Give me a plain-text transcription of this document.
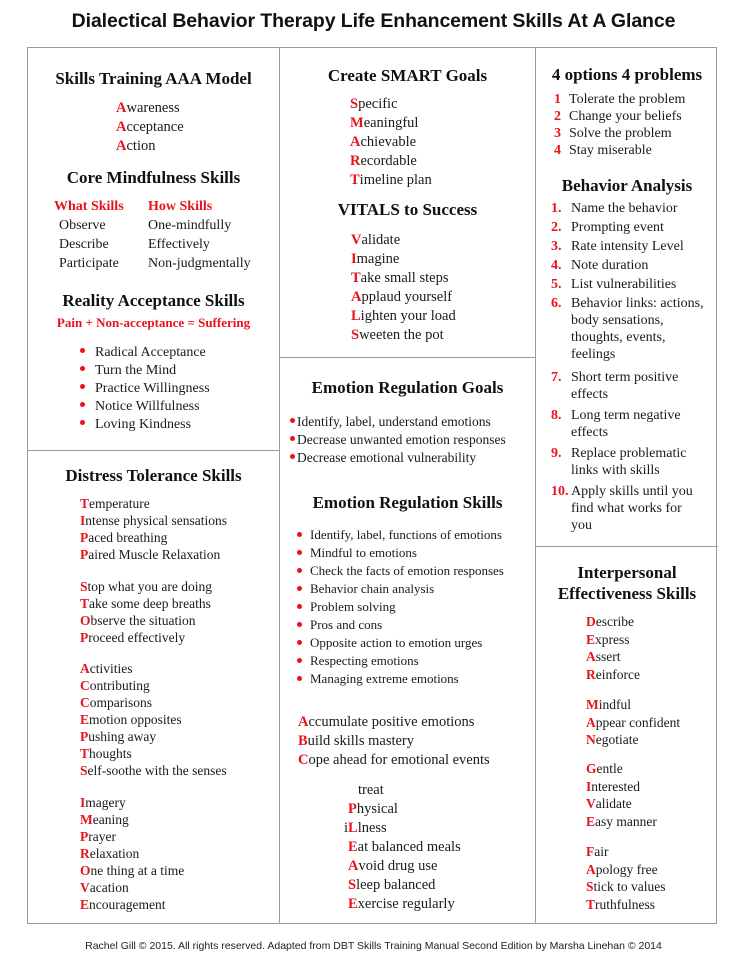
Dialectical Behavior Therapy Life Enhancement Skills At A Glance
Skills Training AAA Model
Awareness
Acceptance
Action
Core Mindfulness Skills
What Skills
Observe
Describe
Participate
How Skills
One-mindfully
Effectively
Non-judgmentally
Reality Acceptance Skills
Pain + Non-acceptance = Suffering
Radical Acceptance
Turn the Mind
Practice Willingness
Notice Willfulness
Loving Kindness
Distress Tolerance Skills
Temperature
Intense physical sensations
Paced breathing
Paired Muscle Relaxation
Stop what you are doing
Take some deep breaths
Observe the situation
Proceed effectively
Activities
Contributing
Comparisons
Emotion opposites
Pushing away
Thoughts
Self-soothe with the senses
Imagery
Meaning
Prayer
Relaxation
One thing at a time
Vacation
Encouragement
Create SMART Goals
Specific
Meaningful
Achievable
Recordable
Timeline plan
VITALS to Success
Validate
Imagine
Take small steps
Applaud yourself
Lighten your load
Sweeten the pot
Emotion Regulation Goals
Identify, label, understand emotions
Decrease unwanted emotion responses
Decrease emotional vulnerability
Emotion Regulation Skills
Identify, label, functions of emotions
Mindful to emotions
Check the facts of emotion responses
Behavior chain analysis
Problem solving
Pros and cons
Opposite action to emotion urges
Respecting emotions
Managing extreme emotions
Accumulate positive emotions
Build skills mastery
Cope ahead for emotional events
treat
Physical
iLlness
Eat balanced meals
Avoid drug use
Sleep balanced
Exercise regularly
4 options 4 problems
1 Tolerate the problem
2 Change your beliefs
3 Solve the problem
4 Stay miserable
Behavior Analysis
1. Name the behavior
2. Prompting event
3. Rate intensity Level
4. Note duration
5. List vulnerabilities
6. Behavior links: actions, body sensations, thoughts, events, feelings
7. Short term positive effects
8. Long term negative effects
9. Replace problematic links with skills
10. Apply skills until you find what works for you
Interpersonal
Effectiveness Skills
Describe
Express
Assert
Reinforce
Mindful
Appear confident
Negotiate
Gentle
Interested
Validate
Easy manner
Fair
Apology free
Stick to values
Truthfulness
Rachel Gill © 2015. All rights reserved. Adapted from DBT Skills Training Manual Second Edition by Marsha Linehan © 2014
